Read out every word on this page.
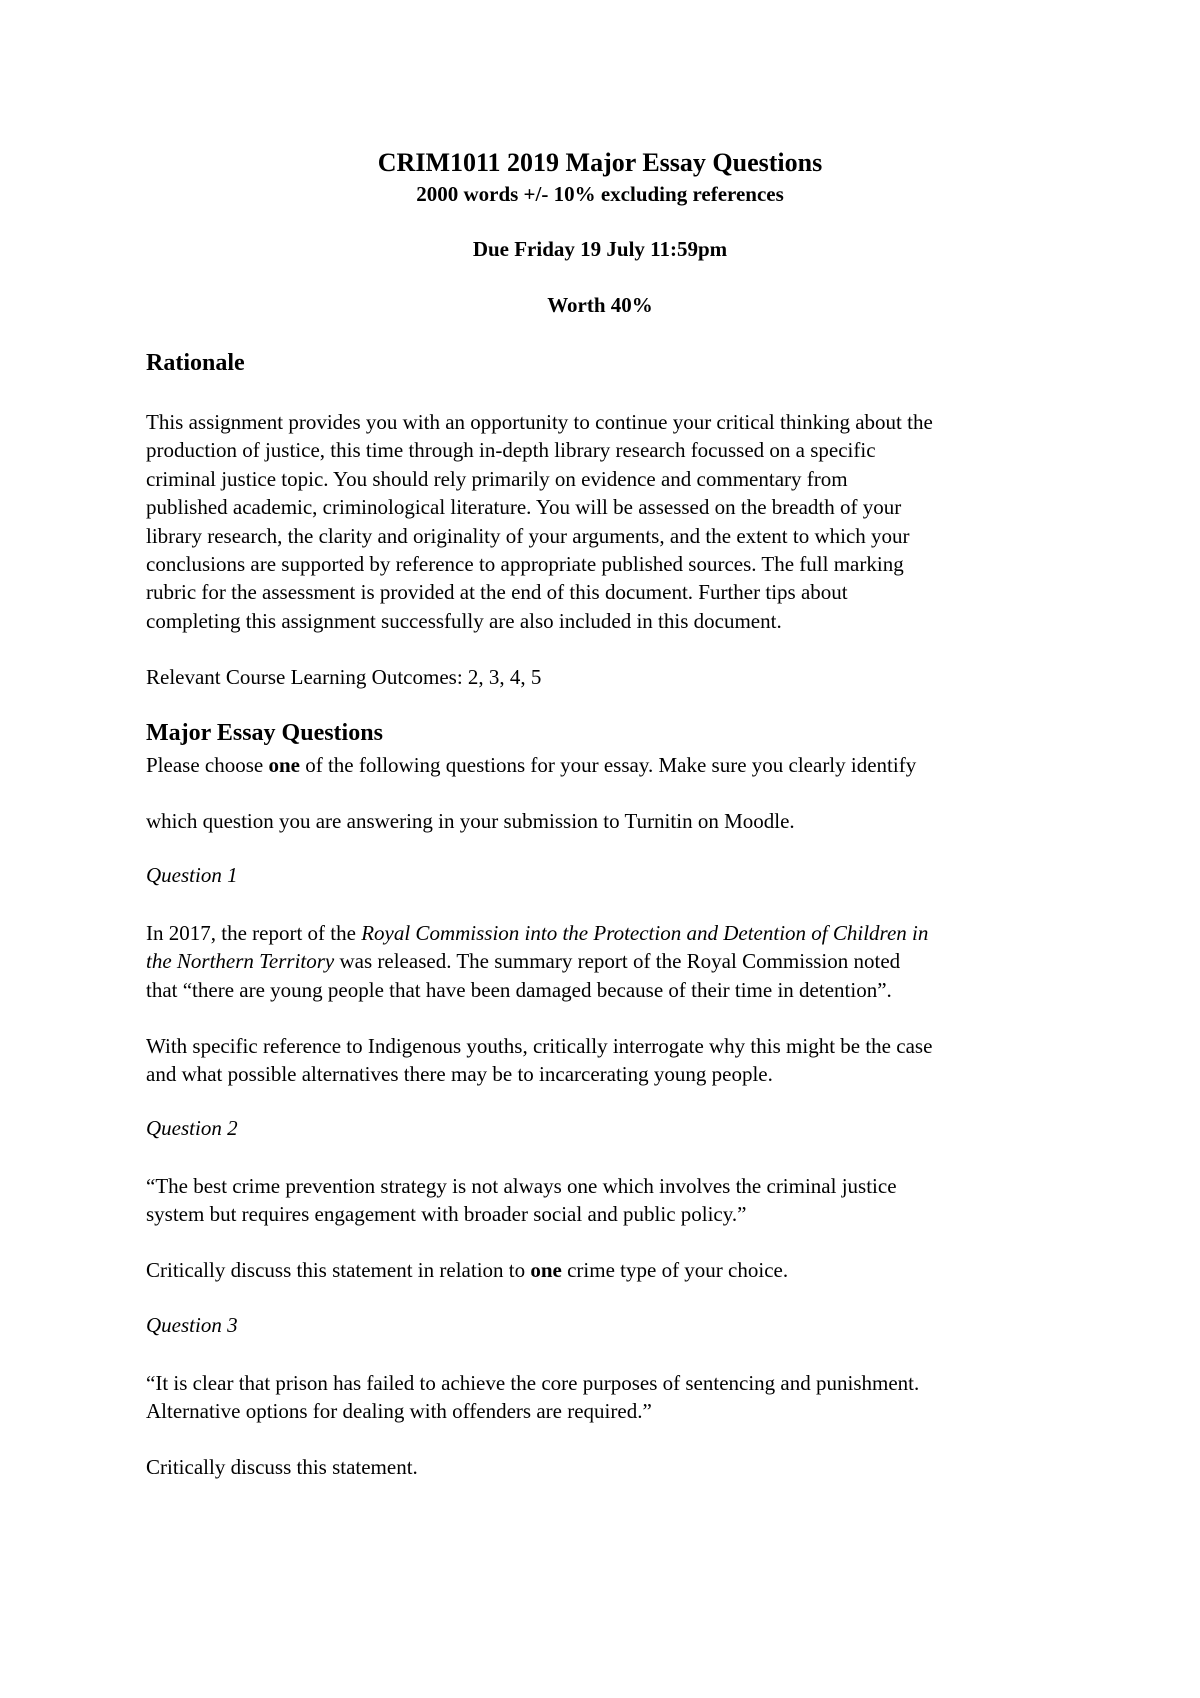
CRIM1011 2019 Major Essay Questions

2000 words +/- 10% excluding references

Due Friday 19 July 11:59pm

Worth 40%

Rationale

This assignment provides you with an opportunity to continue your critical thinking about the
production of justice, this time through in-depth library research focussed on a specific
criminal justice topic. You should rely primarily on evidence and commentary from
published academic, criminological literature. You will be assessed on the breadth of your
library research, the clarity and originality of your arguments, and the extent to which your
conclusions are supported by reference to appropriate published sources. The full marking
rubric for the assessment is provided at the end of this document. Further tips about
completing this assignment successfully are also included in this document.

Relevant Course Learning Outcomes: 2, 3, 4, 5

Major Essay Questions

Please choose one of the following questions for your essay. Make sure you clearly identify

which question you are answering in your submission to Turnitin on Moodle.

Question 1

In 2017, the report of the Royal Commission into the Protection and Detention of Children in
the Northern Territory was released. The summary report of the Royal Commission noted
that “there are young people that have been damaged because of their time in detention”.
With specific reference to Indigenous youths, critically interrogate why this might be the case
and what possible alternatives there may be to incarcerating young people.

Question 2

“The best crime prevention strategy is not always one which involves the criminal justice
system but requires engagement with broader social and public policy.”

Critically discuss this statement in relation to one crime type of your choice.

Question 3

“It is clear that prison has failed to achieve the core purposes of sentencing and punishment.
Alternative options for dealing with offenders are required.”

Critically discuss this statement.
